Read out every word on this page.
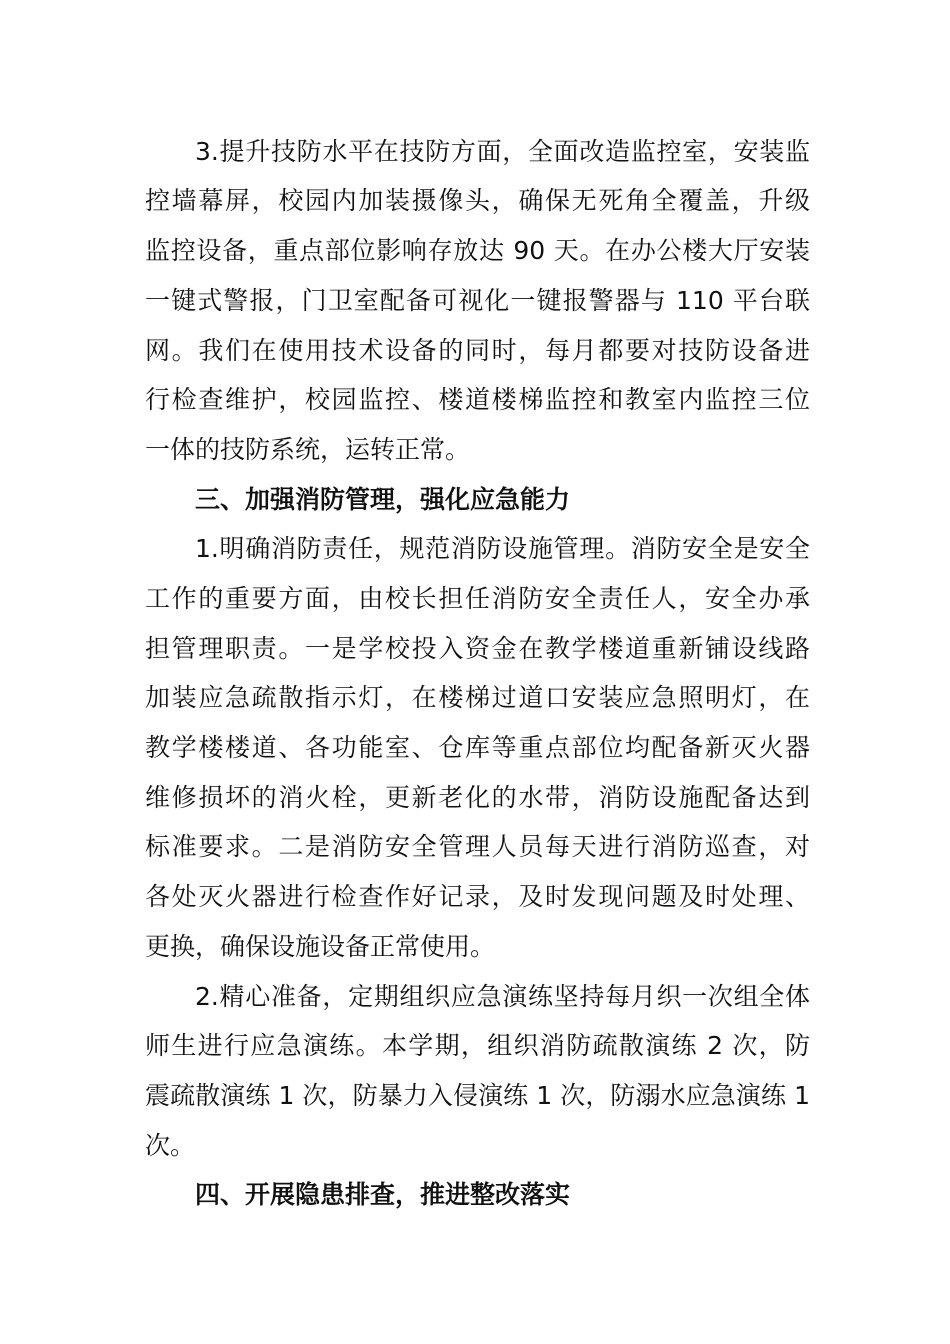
3.提升技防水平在技防方面，全面改造监控室，安装监
控墙幕屏，校园内加装摄像头，确保无死角全覆盖，升级
监控设备，重点部位影响存放达 90 天。在办公楼大厅安装
一键式警报，门卫室配备可视化一键报警器与 110 平台联
网。我们在使用技术设备的同时，每月都要对技防设备进
行检查维护，校园监控、楼道楼梯监控和教室内监控三位
一体的技防系统，运转正常。
三、加强消防管理，强化应急能力
1.明确消防责任，规范消防设施管理。消防安全是安全
工作的重要方面，由校长担任消防安全责任人，安全办承
担管理职责。一是学校投入资金在教学楼道重新铺设线路
加装应急疏散指示灯，在楼梯过道口安装应急照明灯，在
教学楼楼道、各功能室、仓库等重点部位均配备新灭火器
维修损坏的消火栓，更新老化的水带，消防设施配备达到
标准要求。二是消防安全管理人员每天进行消防巡查，对
各处灭火器进行检查作好记录，及时发现问题及时处理、
更换，确保设施设备正常使用。
2.精心准备，定期组织应急演练坚持每月织一次组全体
师生进行应急演练。本学期，组织消防疏散演练 2 次，防
震疏散演练 1 次，防暴力入侵演练 1 次，防溺水应急演练 1
次。
四、开展隐患排查，推进整改落实
